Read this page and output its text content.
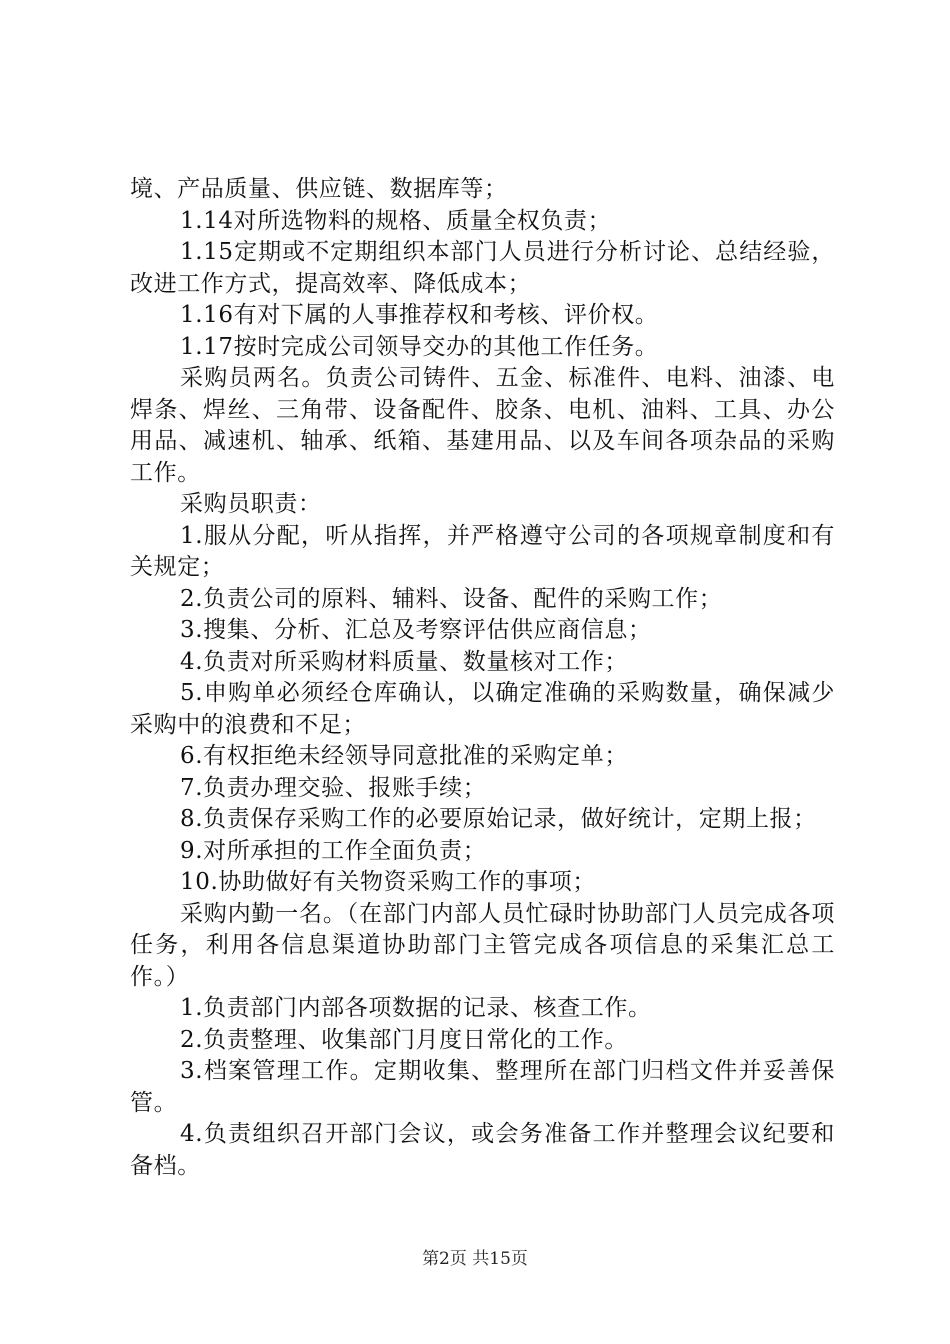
境、产品质量、供应链、数据库等；

1.14对所选物料的规格、质量全权负责；

1.15定期或不定期组织本部门人员进行分析讨论、总结经验，改进工作方式，提高效率、降低成本；

1.16有对下属的人事推荐权和考核、评价权。

1.17按时完成公司领导交办的其他工作任务。

采购员两名。负责公司铸件、五金、标准件、电料、油漆、电焊条、焊丝、三角带、设备配件、胶条、电机、油料、工具、办公用品、减速机、轴承、纸箱、基建用品、以及车间各项杂品的采购工作。

采购员职责：

1.服从分配，听从指挥，并严格遵守公司的各项规章制度和有关规定；

2.负责公司的原料、辅料、设备、配件的采购工作；

3.搜集、分析、汇总及考察评估供应商信息；

4.负责对所采购材料质量、数量核对工作；

5.申购单必须经仓库确认，以确定准确的采购数量，确保减少采购中的浪费和不足；

6.有权拒绝未经领导同意批准的采购定单；

7.负责办理交验、报账手续；

8.负责保存采购工作的必要原始记录，做好统计，定期上报；

9.对所承担的工作全面负责；

10.协助做好有关物资采购工作的事项；

采购内勤一名。（在部门内部人员忙碌时协助部门人员完成各项任务，利用各信息渠道协助部门主管完成各项信息的采集汇总工作。）

1.负责部门内部各项数据的记录、核查工作。

2.负责整理、收集部门月度日常化的工作。

3.档案管理工作。定期收集、整理所在部门归档文件并妥善保管。

4.负责组织召开部门会议，或会务准备工作并整理会议纪要和备档。

第2页 共15页
